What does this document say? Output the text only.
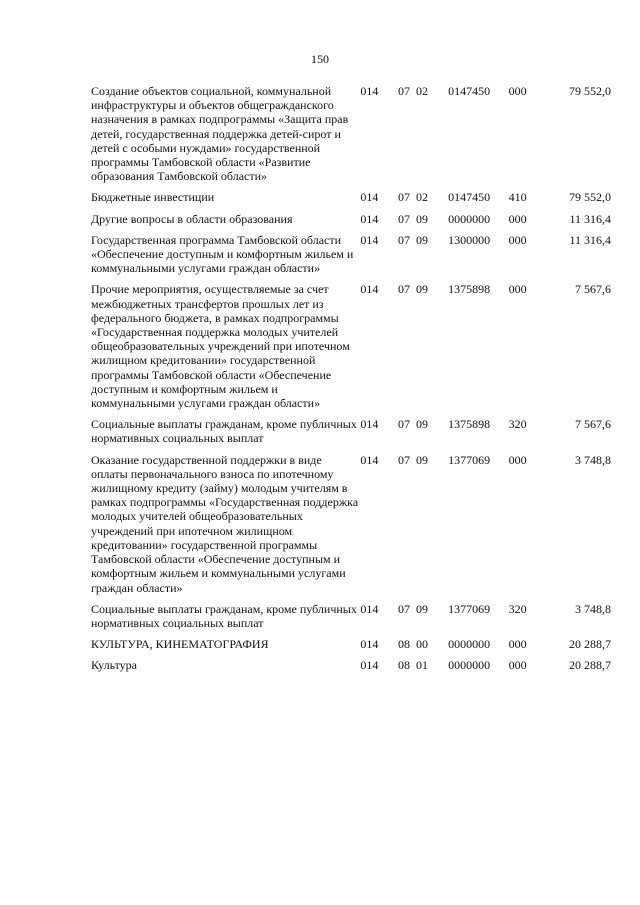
150
Создание объектов социальной, коммунальной инфраструктуры и объектов общегражданского назначения в рамках подпрограммы «Защита прав детей, государственная поддержка детей-сирот и детей с особыми нуждами» государственной программы Тамбовской области «Развитие образования Тамбовской области»	014	07 02	0147450	000	79 552,0
Бюджетные инвестиции	014	07 02	0147450	410	79 552,0
Другие вопросы в области образования	014	07 09	0000000	000	11 316,4
Государственная программа Тамбовской области «Обеспечение доступным и комфортным жильем и коммунальными услугами граждан области»	014	07 09	1300000	000	11 316,4
Прочие мероприятия, осуществляемые за счет межбюджетных трансфертов прошлых лет из федерального бюджета, в рамках подпрограммы «Государственная поддержка молодых учителей общеобразовательных учреждений при ипотечном жилищном кредитовании» государственной программы Тамбовской области «Обеспечение доступным и комфортным жильем и коммунальными услугами граждан области»	014	07 09	1375898	000	7 567,6
Социальные выплаты гражданам, кроме публичных нормативных социальных выплат	014	07 09	1375898	320	7 567,6
Оказание государственной поддержки в виде оплаты первоначального взноса по ипотечному жилищному кредиту (займу) молодым учителям в рамках подпрограммы «Государственная поддержка молодых учителей общеобразовательных учреждений при ипотечном жилищном кредитовании» государственной программы Тамбовской области «Обеспечение доступным и комфортным жильем и коммунальными услугами граждан области»	014	07 09	1377069	000	3 748,8
Социальные выплаты гражданам, кроме публичных нормативных социальных выплат	014	07 09	1377069	320	3 748,8
КУЛЬТУРА, КИНЕМАТОГРАФИЯ	014	08 00	0000000	000	20 288,7
Культура	014	08 01	0000000	000	20 288,7
